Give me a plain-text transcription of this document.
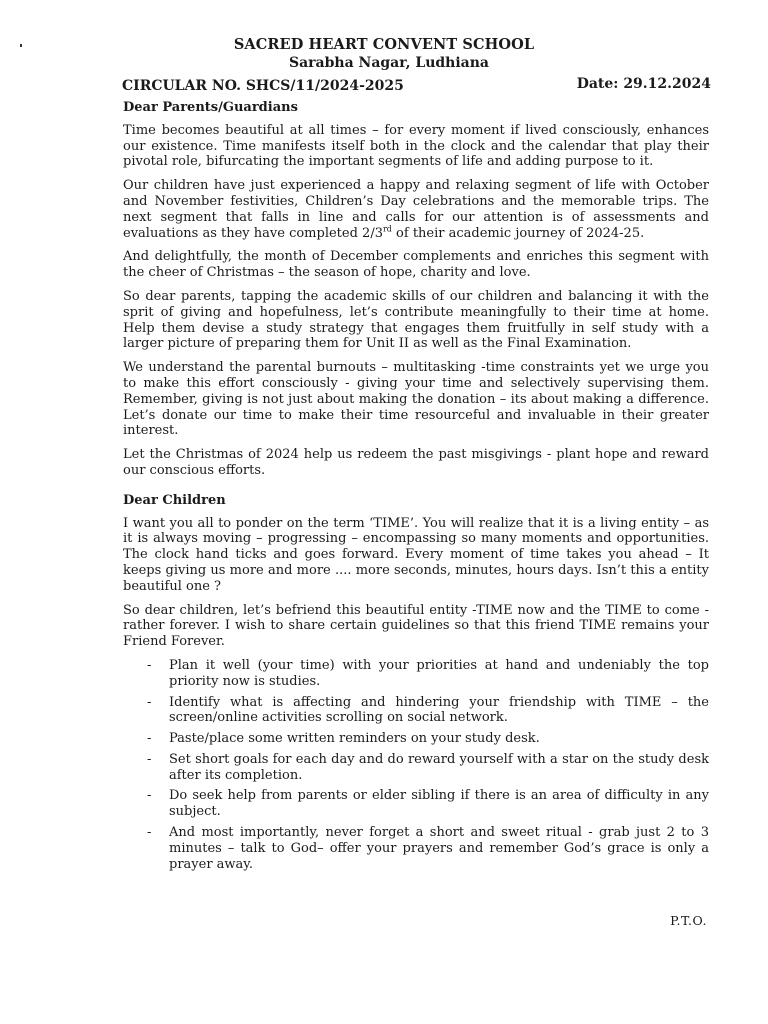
SACRED HEART CONVENT SCHOOL
Sarabha Nagar, Ludhiana
CIRCULAR NO. SHCS/11/2024-2025	Date: 29.12.2024
Dear Parents/Guardians

Time becomes beautiful at all times – for every moment if lived consciously, enhances our existence. Time manifests itself both in the clock and the calendar that play their pivotal role, bifurcating the important segments of life and adding purpose to it.

Our children have just experienced a happy and relaxing segment of life with October and November festivities, Children’s Day celebrations and the memorable trips. The next segment that falls in line and calls for our attention is of assessments and evaluations as they have completed 2/3rd of their academic journey of 2024-25.

And delightfully, the month of December complements and enriches this segment with the cheer of Christmas – the season of hope, charity and love.

So dear parents, tapping the academic skills of our children and balancing it with the sprit of giving and hopefulness, let’s contribute meaningfully to their time at home. Help them devise a study strategy that engages them fruitfully in self study with a larger picture of preparing them for Unit II as well as the Final Examination.

We understand the parental burnouts – multitasking -time constraints yet we urge you to make this effort consciously - giving your time and selectively supervising them. Remember, giving is not just about making the donation – its about making a difference. Let’s donate our time to make their time resourceful and invaluable in their greater interest.

Let the Christmas of 2024 help us redeem the past misgivings - plant hope and reward our conscious efforts.

Dear Children

I want you all to ponder on the term ‘TIME’. You will realize that it is a living entity – as it is always moving – progressing – encompassing so many moments and opportunities. The clock hand ticks and goes forward. Every moment of time takes you ahead – It keeps giving us more and more .... more seconds, minutes, hours days. Isn’t this a entity beautiful one ?

So dear children, let’s befriend this beautiful entity -TIME now and the TIME to come - rather forever. I wish to share certain guidelines so that this friend TIME remains your Friend Forever.

- Plan it well (your time) with your priorities at hand and undeniably the top priority now is studies.
- Identify what is affecting and hindering your friendship with TIME – the screen/online activities scrolling on social network.
- Paste/place some written reminders on your study desk.
- Set short goals for each day and do reward yourself with a star on the study desk after its completion.
- Do seek help from parents or elder sibling if there is an area of difficulty in any subject.
- And most importantly, never forget a short and sweet ritual - grab just 2 to 3 minutes – talk to God– offer your prayers and remember God’s grace is only a prayer away.
P.T.O.
